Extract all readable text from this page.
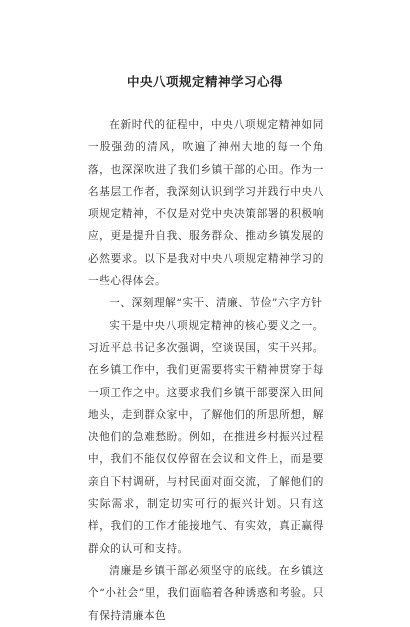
中央八项规定精神学习心得

在新时代的征程中，中央八项规定精神如同一股强劲的清风，吹遍了神州大地的每一个角落，也深深吹进了我们乡镇干部的心田。作为一名基层工作者，我深刻认识到学习并践行中央八项规定精神，不仅是对党中央决策部署的积极响应，更是提升自我、服务群众、推动乡镇发展的必然要求。以下是我对中央八项规定精神学习的一些心得体会。

一、深刻理解“实干、清廉、节俭”六字方针

实干是中央八项规定精神的核心要义之一。习近平总书记多次强调，空谈误国，实干兴邦。在乡镇工作中，我们更需要将实干精神贯穿于每一项工作之中。这要求我们乡镇干部要深入田间地头，走到群众家中，了解他们的所思所想，解决他们的急难愁盼。例如，在推进乡村振兴过程中，我们不能仅仅停留在会议和文件上，而是要亲自下村调研，与村民面对面交流，了解他们的实际需求，制定切实可行的振兴计划。只有这样，我们的工作才能接地气、有实效，真正赢得群众的认可和支持。

清廉是乡镇干部必须坚守的底线。在乡镇这个“小社会”里，我们面临着各种诱惑和考验。只有保持清廉本色
